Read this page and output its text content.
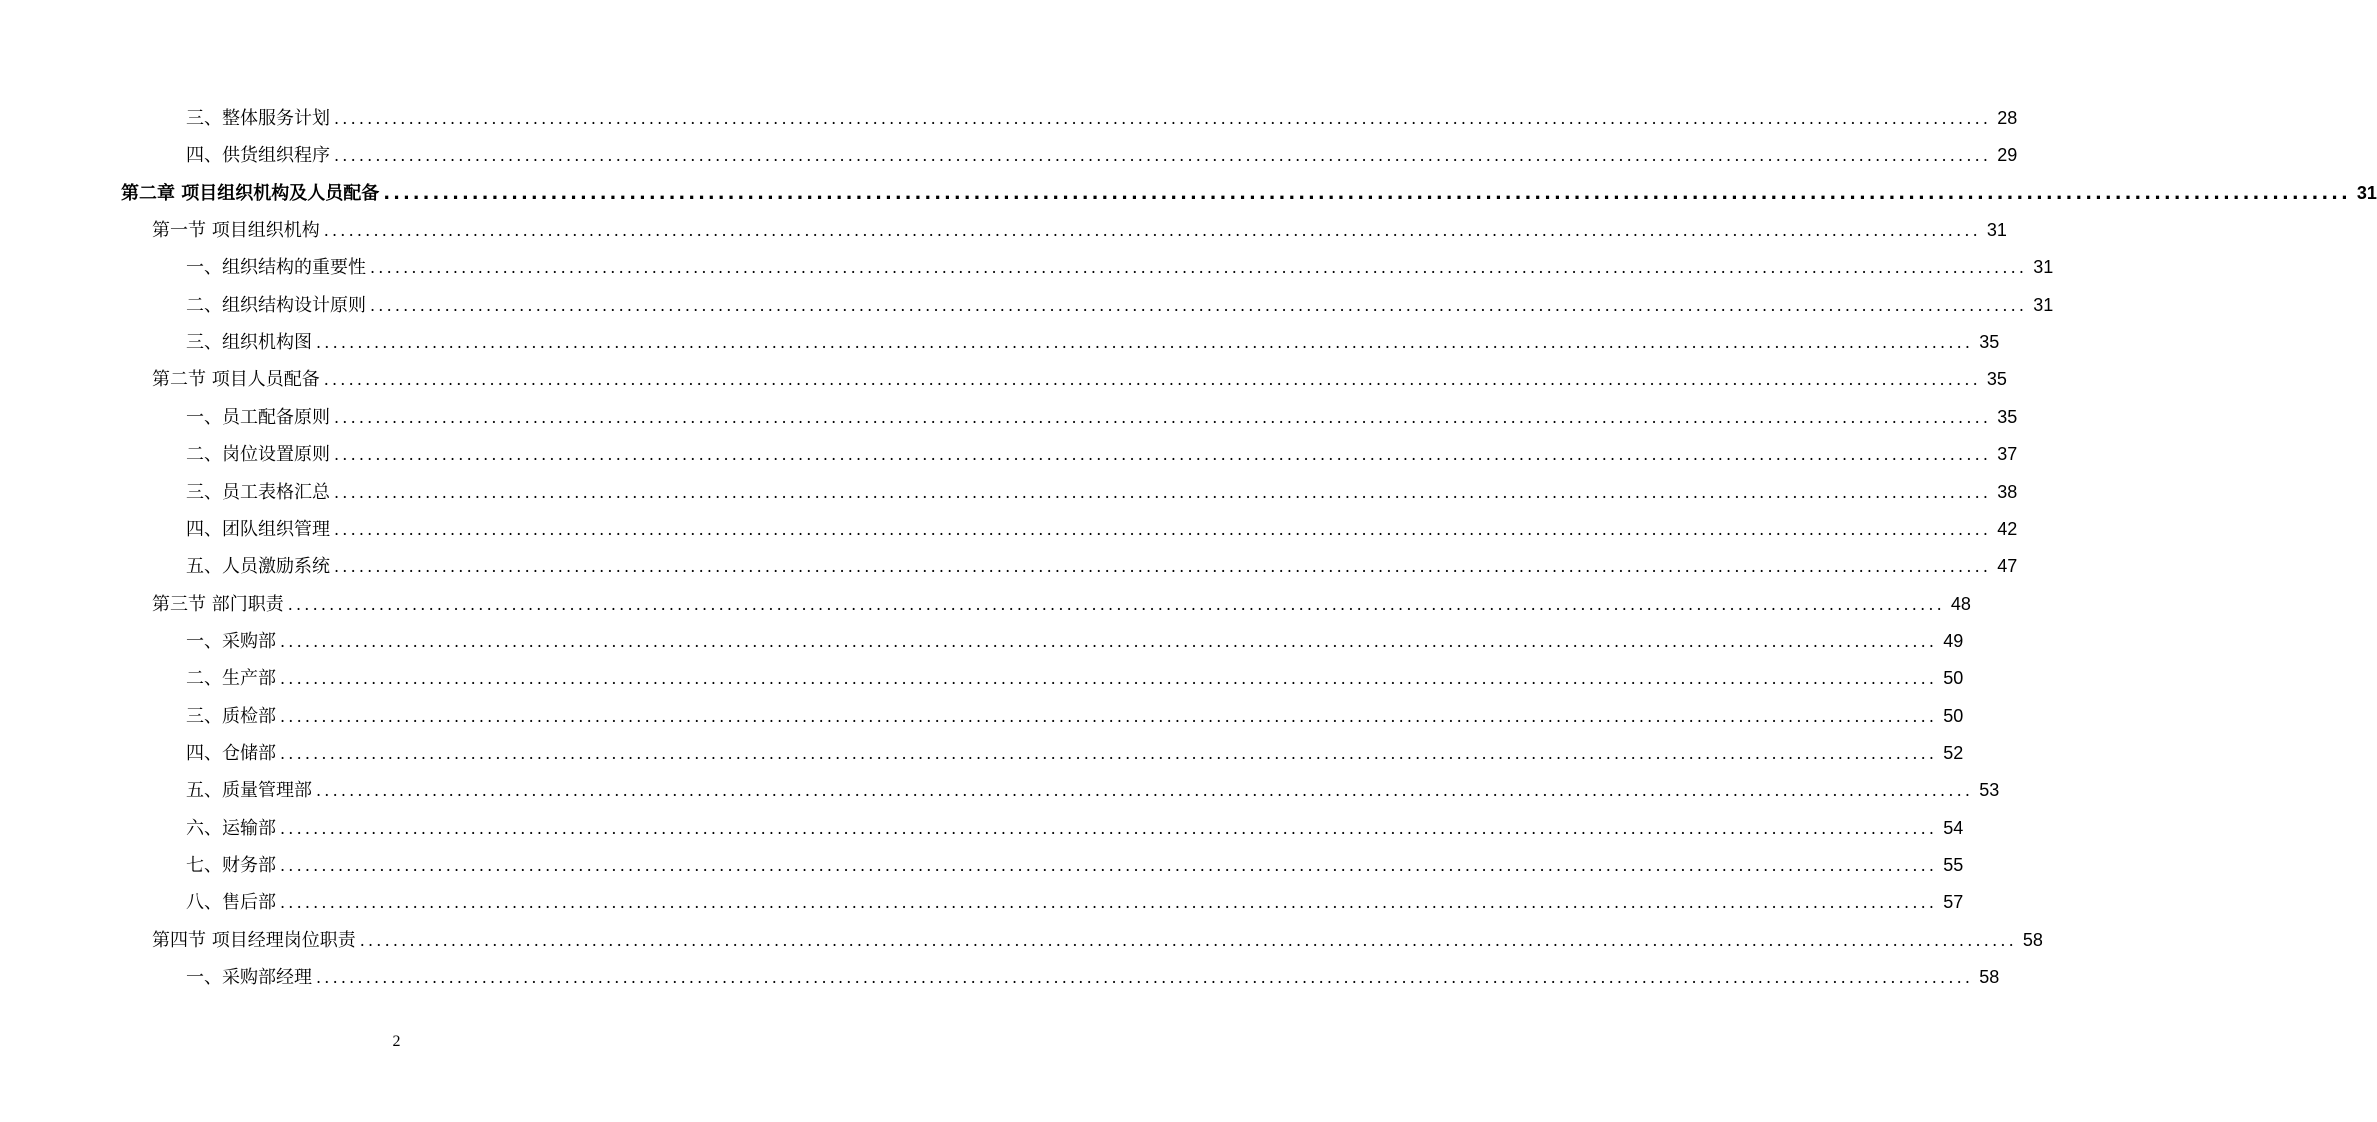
三、整体服务计划 ........................................................................................................................................................................................................ 28
四、供货组织程序 ........................................................................................................................................................................................................ 29
第二章 项目组织机构及人员配备 ........................................................................................................................................................................................................ 31
第一节 项目组织机构 ........................................................................................................................................................................................................ 31
一、组织结构的重要性 ........................................................................................................................................................................................................ 31
二、组织结构设计原则 ........................................................................................................................................................................................................ 31
三、组织机构图 ........................................................................................................................................................................................................ 35
第二节 项目人员配备 ........................................................................................................................................................................................................ 35
一、员工配备原则 ........................................................................................................................................................................................................ 35
二、岗位设置原则 ........................................................................................................................................................................................................ 37
三、员工表格汇总 ........................................................................................................................................................................................................ 38
四、团队组织管理 ........................................................................................................................................................................................................ 42
五、人员激励系统 ........................................................................................................................................................................................................ 47
第三节 部门职责 ........................................................................................................................................................................................................ 48
一、采购部 ........................................................................................................................................................................................................ 49
二、生产部 ........................................................................................................................................................................................................ 50
三、质检部 ........................................................................................................................................................................................................ 50
四、仓储部 ........................................................................................................................................................................................................ 52
五、质量管理部 ........................................................................................................................................................................................................ 53
六、运输部 ........................................................................................................................................................................................................ 54
七、财务部 ........................................................................................................................................................................................................ 55
八、售后部 ........................................................................................................................................................................................................ 57
第四节 项目经理岗位职责 ........................................................................................................................................................................................................ 58
一、采购部经理 ........................................................................................................................................................................................................ 58
2
